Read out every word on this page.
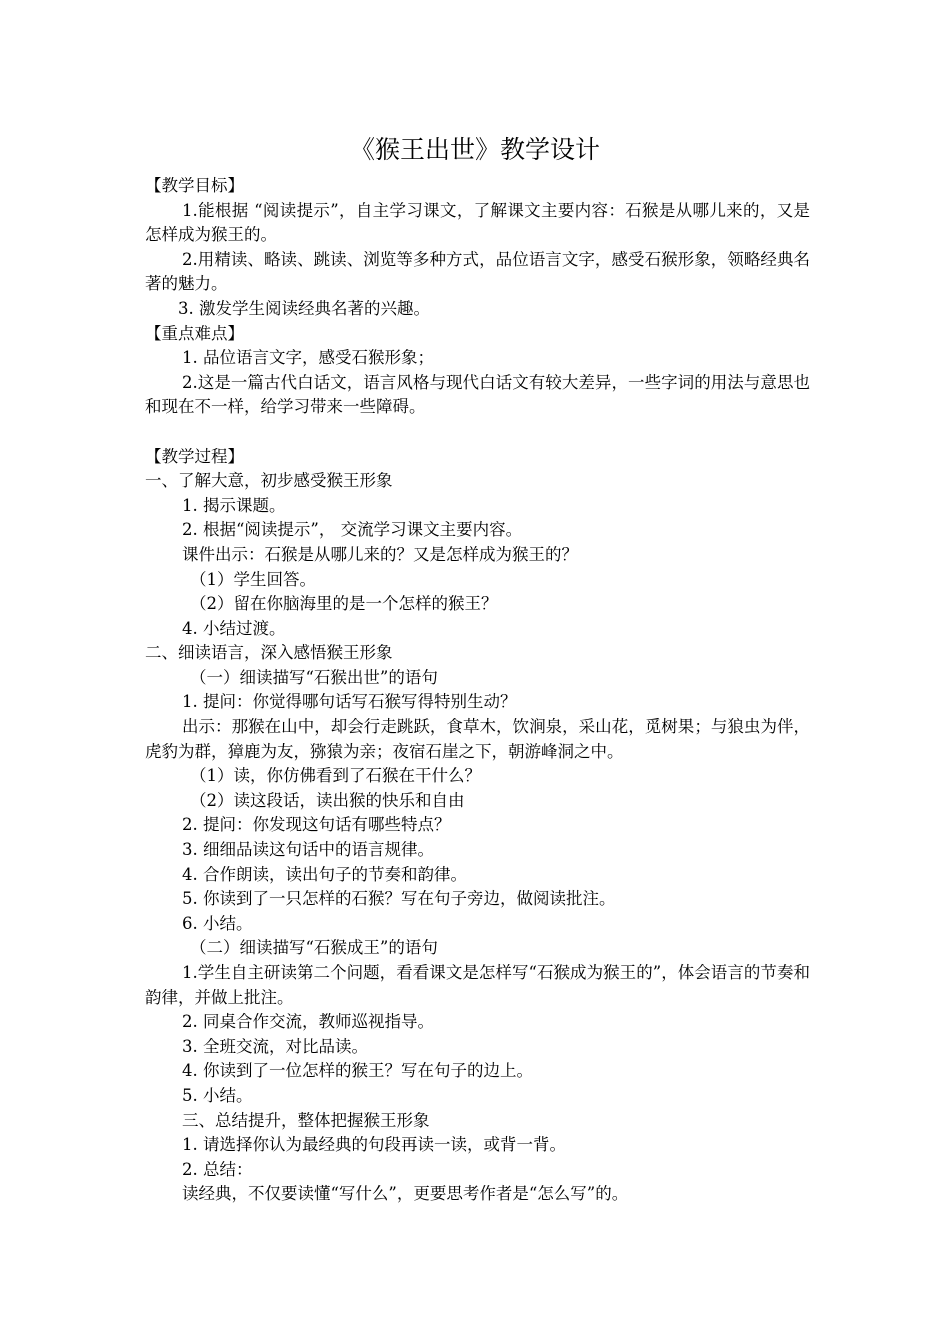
《猴王出世》教学设计

【教学目标】

1.能根据 “阅读提示”，自主学习课文，了解课文主要内容：石猴是从哪儿来的，又是怎样成为猴王的。

2.用精读、略读、跳读、浏览等多种方式，品位语言文字，感受石猴形象，领略经典名著的魅力。

3. 激发学生阅读经典名著的兴趣。

【重点难点】

1. 品位语言文字，感受石猴形象；

2.这是一篇古代白话文，语言风格与现代白话文有较大差异，一些字词的用法与意思也和现在不一样，给学习带来一些障碍。

【教学过程】

一、了解大意，初步感受猴王形象

1. 揭示课题。

2. 根据“阅读提示”， 交流学习课文主要内容。

课件出示：石猴是从哪儿来的？又是怎样成为猴王的？

（1）学生回答。

（2）留在你脑海里的是一个怎样的猴王？

4. 小结过渡。

二、细读语言，深入感悟猴王形象

（一）细读描写“石猴出世”的语句

1. 提问：你觉得哪句话写石猴写得特别生动？

出示：那猴在山中，却会行走跳跃，食草木，饮涧泉，采山花，觅树果；与狼虫为伴，虎豹为群，獐鹿为友，猕猿为亲；夜宿石崖之下，朝游峰洞之中。

（1）读，你仿佛看到了石猴在干什么？

（2）读这段话，读出猴的快乐和自由

2. 提问：你发现这句话有哪些特点？

3. 细细品读这句话中的语言规律。

4. 合作朗读，读出句子的节奏和韵律。

5. 你读到了一只怎样的石猴？写在句子旁边，做阅读批注。

6. 小结。

（二）细读描写“石猴成王”的语句

1.学生自主研读第二个问题，看看课文是怎样写“石猴成为猴王的”，体会语言的节奏和韵律，并做上批注。

2. 同桌合作交流，教师巡视指导。

3. 全班交流，对比品读。

4. 你读到了一位怎样的猴王？写在句子的边上。

5. 小结。

三、总结提升，整体把握猴王形象

1. 请选择你认为最经典的句段再读一读，或背一背。

2. 总结：

读经典，不仅要读懂“写什么”，更要思考作者是“怎么写”的。
